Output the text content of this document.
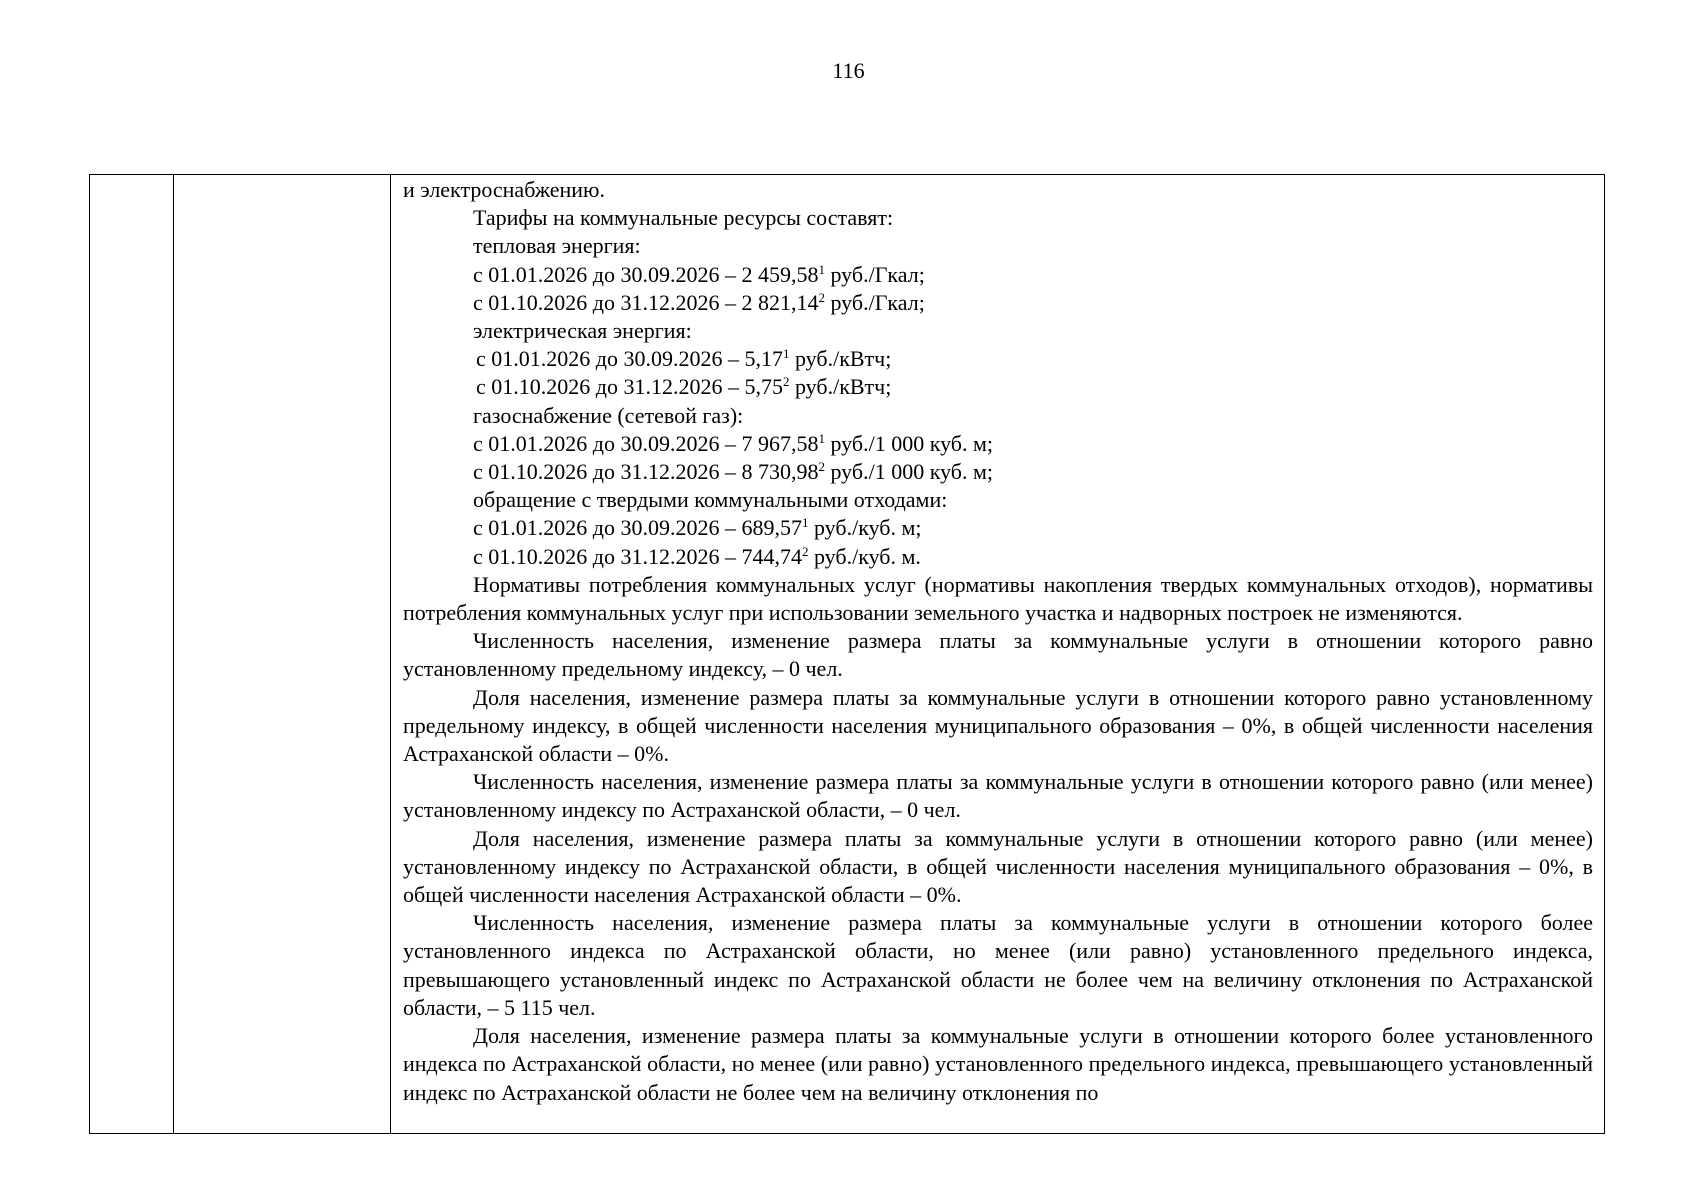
116
и электроснабжению.
Тарифы на коммунальные ресурсы составят:
тепловая энергия:
с 01.01.2026 до 30.09.2026 – 2 459,58$^1$ руб./Гкал;
с 01.10.2026 до 31.12.2026 – 2 821,14$^2$ руб./Гкал;
электрическая энергия:
с 01.01.2026 до 30.09.2026 – 5,17$^1$ руб./кВтч;
с 01.10.2026 до 31.12.2026 – 5,75$^2$ руб./кВтч;
газоснабжение (сетевой газ):
с 01.01.2026 до 30.09.2026 – 7 967,58$^1$ руб./1 000 куб. м;
с 01.10.2026 до 31.12.2026 – 8 730,98$^2$ руб./1 000 куб. м;
обращение с твердыми коммунальными отходами:
с 01.01.2026 до 30.09.2026 – 689,57$^1$ руб./куб. м;
с 01.10.2026 до 31.12.2026 – 744,74$^2$ руб./куб. м.
Нормативы потребления коммунальных услуг (нормативы накопления твердых коммунальных отходов), нормативы потребления коммунальных услуг при использовании земельного участка и надворных построек не изменяются.
Численность населения, изменение размера платы за коммунальные услуги в отношении которого равно установленному предельному индексу, – 0 чел.
Доля населения, изменение размера платы за коммунальные услуги в отношении которого равно установленному предельному индексу, в общей численности населения муниципального образования – 0%, в общей численности населения Астраханской области – 0%.
Численность населения, изменение размера платы за коммунальные услуги в отношении которого равно (или менее) установленному индексу по Астраханской области, – 0 чел.
Доля населения, изменение размера платы за коммунальные услуги в отношении которого равно (или менее) установленному индексу по Астраханской области, в общей численности населения муниципального образования – 0%, в общей численности населения Астраханской области – 0%.
Численность населения, изменение размера платы за коммунальные услуги в отношении которого более установленного индекса по Астраханской области, но менее (или равно) установленного предельного индекса, превышающего установленный индекс по Астраханской области не более чем на величину отклонения по Астраханской области, – 5 115 чел.
Доля населения, изменение размера платы за коммунальные услуги в отношении которого более установленного индекса по Астраханской области, но менее (или равно) установленного предельного индекса, превышающего установленный индекс по Астраханской области не более чем на величину отклонения по
